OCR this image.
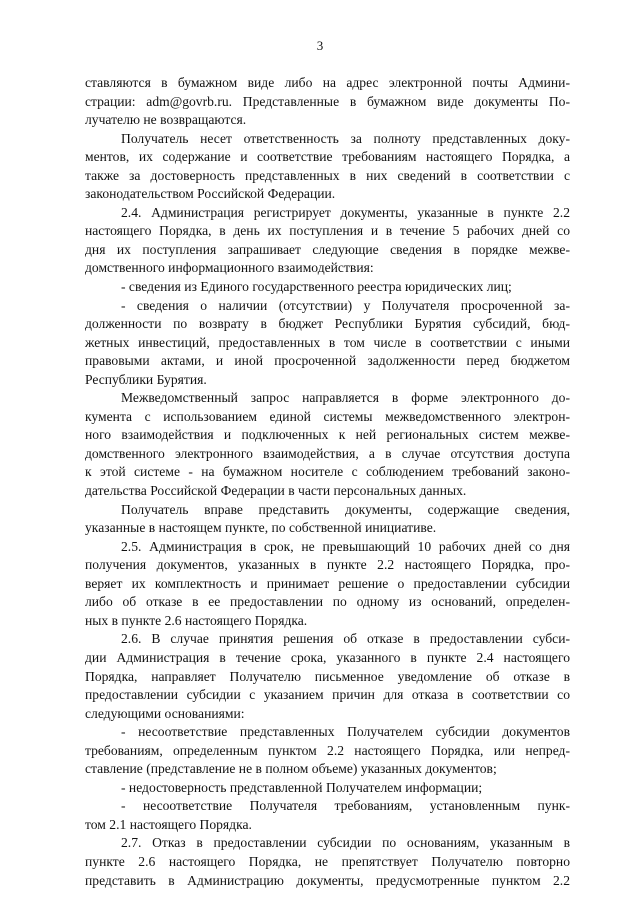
3
ставляются в бумажном виде либо на адрес электронной почты Админи-
страции: adm@govrb.ru. Представленные в бумажном виде документы По-
лучателю не возвращаются.
Получатель несет ответственность за полноту представленных доку-
ментов, их содержание и соответствие требованиям настоящего Порядка, а
также за достоверность представленных в них сведений в соответствии с
законодательством Российской Федерации.
2.4. Администрация регистрирует документы, указанные в пункте 2.2
настоящего Порядка, в день их поступления и в течение 5 рабочих дней со
дня их поступления запрашивает следующие сведения в порядке межве-
домственного информационного взаимодействия:
- сведения из Единого государственного реестра юридических лиц;
- сведения о наличии (отсутствии) у Получателя просроченной за-
долженности по возврату в бюджет Республики Бурятия субсидий, бюд-
жетных инвестиций, предоставленных в том числе в соответствии с иными
правовыми актами, и иной просроченной задолженности перед бюджетом
Республики Бурятия.
Межведомственный запрос направляется в форме электронного до-
кумента с использованием единой системы межведомственного электрон-
ного взаимодействия и подключенных к ней региональных систем межве-
домственного электронного взаимодействия, а в случае отсутствия доступа
к этой системе - на бумажном носителе с соблюдением требований законо-
дательства Российской Федерации в части персональных данных.
Получатель вправе представить документы, содержащие сведения,
указанные в настоящем пункте, по собственной инициативе.
2.5. Администрация в срок, не превышающий 10 рабочих дней со дня
получения документов, указанных в пункте 2.2 настоящего Порядка, про-
веряет их комплектность и принимает решение о предоставлении субсидии
либо об отказе в ее предоставлении по одному из оснований, определен-
ных в пункте 2.6 настоящего Порядка.
2.6. В случае принятия решения об отказе в предоставлении субси-
дии Администрация в течение срока, указанного в пункте 2.4 настоящего
Порядка, направляет Получателю письменное уведомление об отказе в
предоставлении субсидии с указанием причин для отказа в соответствии со
следующими основаниями:
- несоответствие представленных Получателем субсидии документов
требованиям, определенным пунктом 2.2 настоящего Порядка, или непред-
ставление (представление не в полном объеме) указанных документов;
- недостоверность представленной Получателем информации;
- несоответствие Получателя требованиям, установленным пунк-
том 2.1 настоящего Порядка.
2.7. Отказ в предоставлении субсидии по основаниям, указанным в
пункте 2.6 настоящего Порядка, не препятствует Получателю повторно
представить в Администрацию документы, предусмотренные пунктом 2.2
